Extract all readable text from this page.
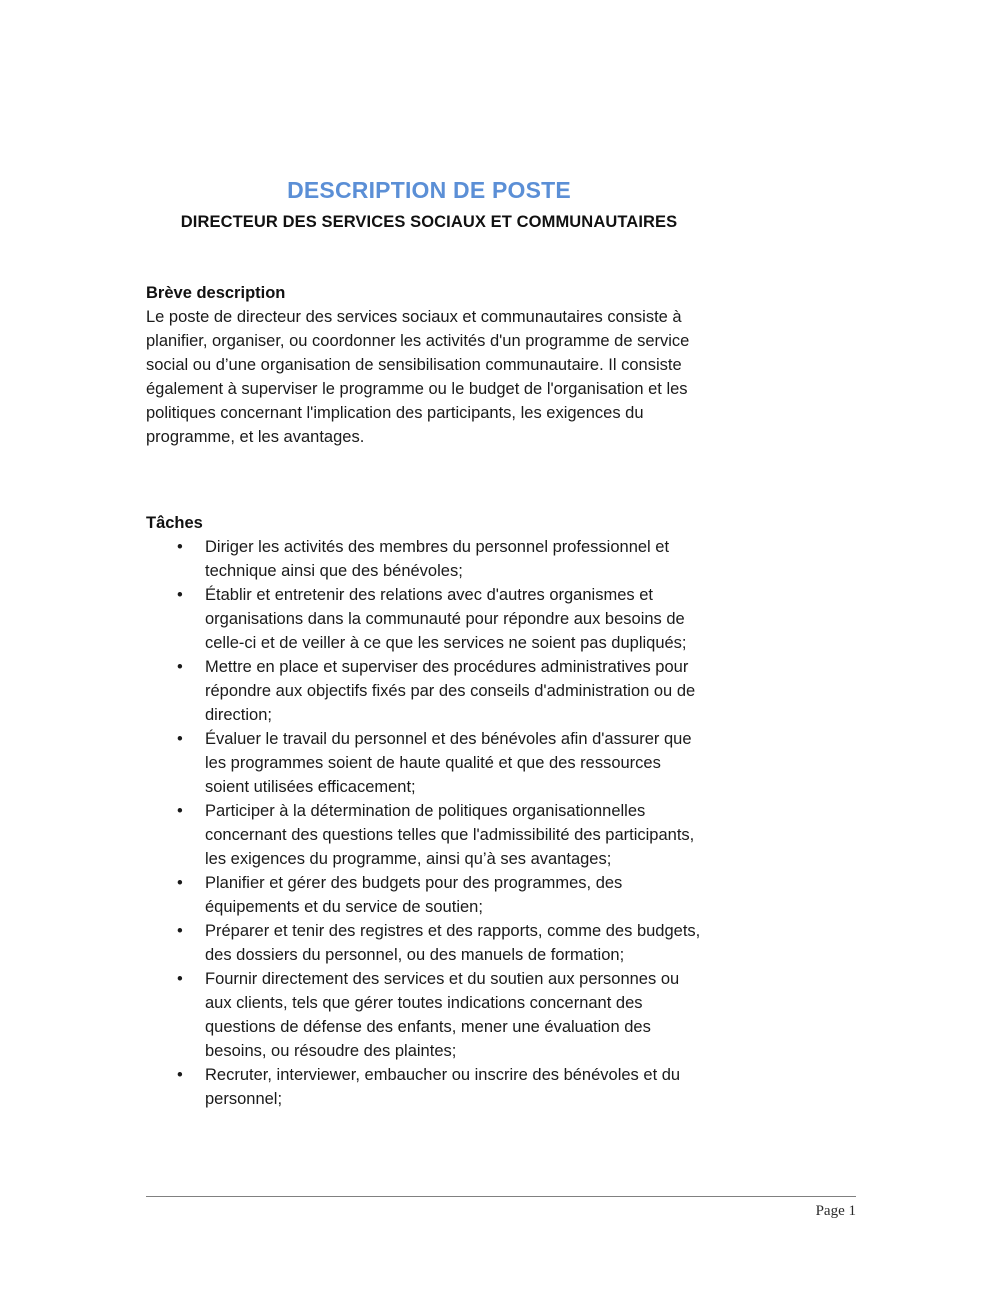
DESCRIPTION DE POSTE
DIRECTEUR DES SERVICES SOCIAUX ET COMMUNAUTAIRES

Brève description

Le poste de directeur des services sociaux et communautaires consiste à planifier, organiser, ou coordonner les activités d'un programme de service social ou d’une organisation de sensibilisation communautaire. Il consiste également à superviser le programme ou le budget de l'organisation et les politiques concernant l'implication des participants, les exigences du programme, et les avantages.

Tâches

• Diriger les activités des membres du personnel professionnel et technique ainsi que des bénévoles;
• Établir et entretenir des relations avec d'autres organismes et organisations dans la communauté pour répondre aux besoins de celle-ci et de veiller à ce que les services ne soient pas dupliqués;
• Mettre en place et superviser des procédures administratives pour répondre aux objectifs fixés par des conseils d'administration ou de direction;
• Évaluer le travail du personnel et des bénévoles afin d'assurer que les programmes soient de haute qualité et que des ressources soient utilisées efficacement;
• Participer à la détermination de politiques organisationnelles concernant des questions telles que l'admissibilité des participants, les exigences du programme, ainsi qu’à ses avantages;
• Planifier et gérer des budgets pour des programmes, des équipements et du service de soutien;
• Préparer et tenir des registres et des rapports, comme des budgets, des dossiers du personnel, ou des manuels de formation;
• Fournir directement des services et du soutien aux personnes ou aux clients, tels que gérer toutes indications concernant des questions de défense des enfants, mener une évaluation des besoins, ou résoudre des plaintes;
• Recruter, interviewer, embaucher ou inscrire des bénévoles et du personnel;
Page 1
